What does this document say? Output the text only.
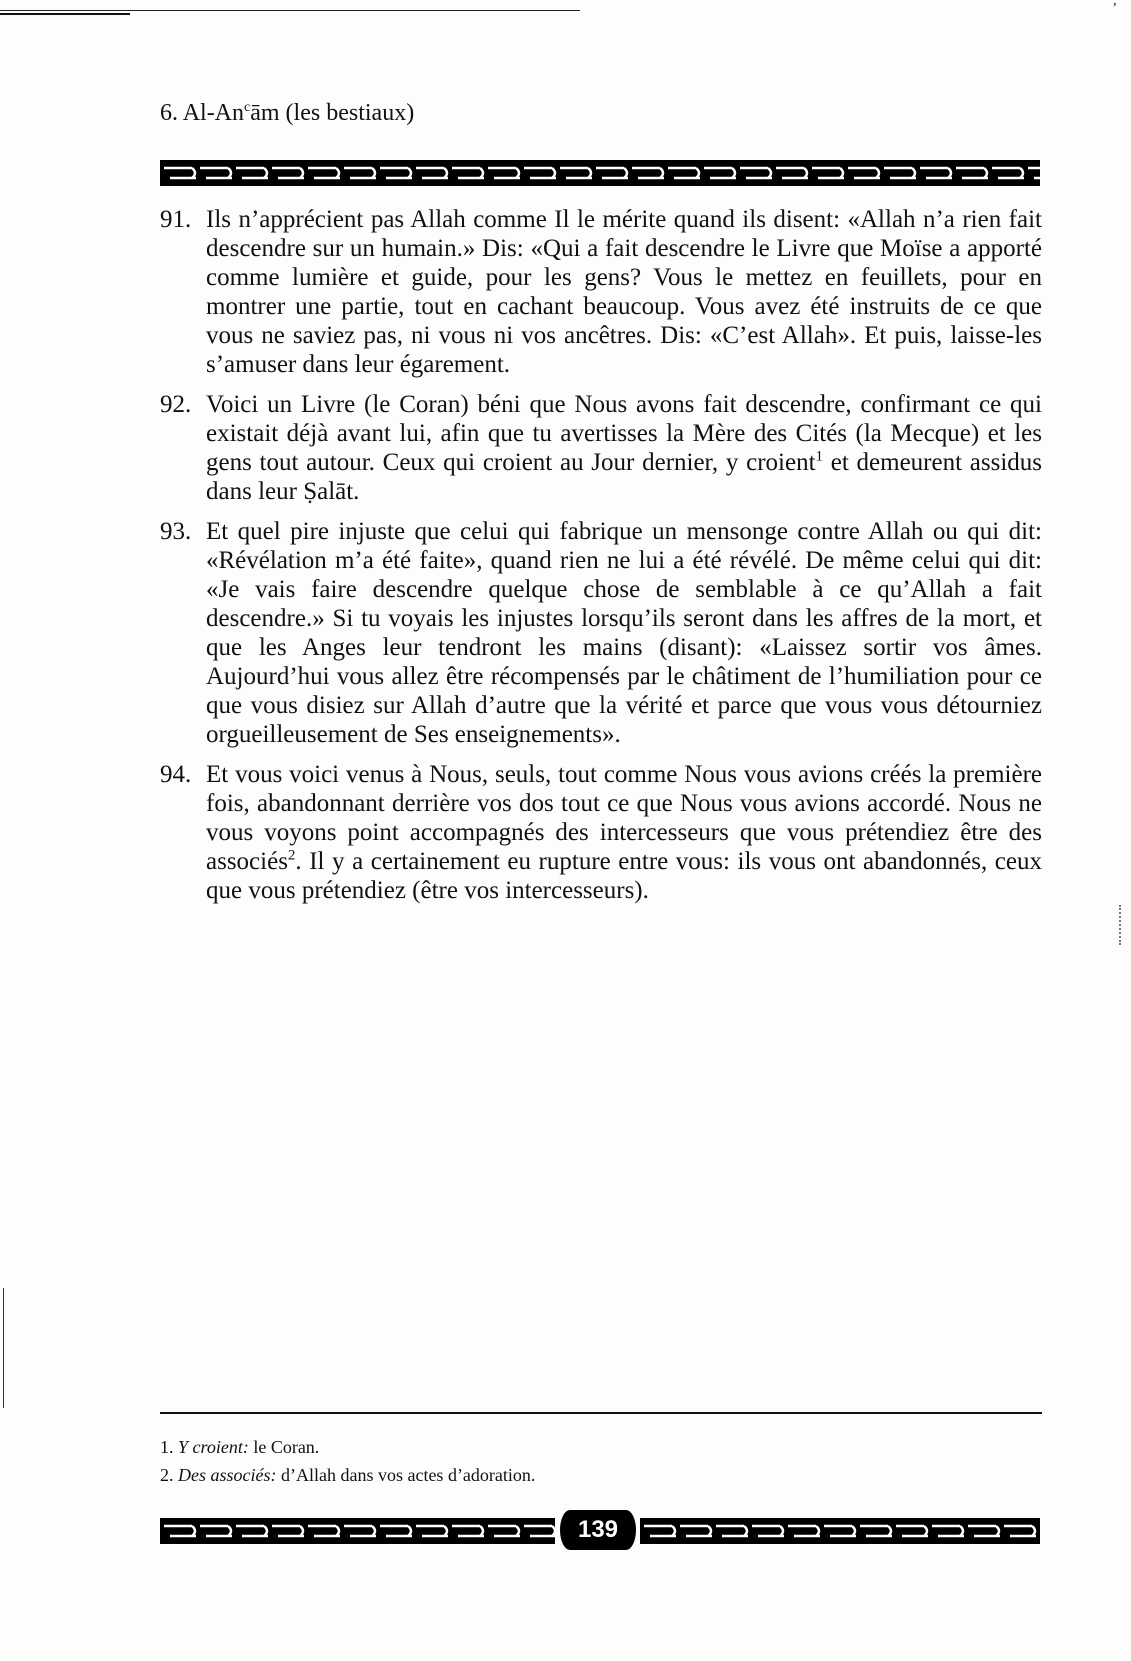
’
6. Al-An$^c$ām (les bestiaux)
91. Ils n’apprécient pas Allah comme Il le mérite quand ils disent: «Allah n’a rien fait descendre sur un humain.» Dis: «Qui a fait descendre le Livre que Moïse a apporté comme lumière et guide, pour les gens? Vous le mettez en feuillets, pour en montrer une partie, tout en cachant beaucoup. Vous avez été instruits de ce que vous ne saviez pas, ni vous ni vos ancêtres. Dis: «C’est Allah». Et puis, laisse-les s’amuser dans leur égarement.
92. Voici un Livre (le Coran) béni que Nous avons fait descendre, confirmant ce qui existait déjà avant lui, afin que tu avertisses la Mère des Cités (la Mecque) et les gens tout autour. Ceux qui croient au Jour dernier, y croient$^1$ et demeurent assidus dans leur Ṣalāt.
93. Et quel pire injuste que celui qui fabrique un mensonge contre Allah ou qui dit: «Révélation m’a été faite», quand rien ne lui a été révélé. De même celui qui dit: «Je vais faire descendre quelque chose de semblable à ce qu’Allah a fait descendre.» Si tu voyais les injustes lorsqu’ils seront dans les affres de la mort, et que les Anges leur tendront les mains (disant): «Laissez sortir vos âmes. Aujourd’hui vous allez être récompensés par le châtiment de l’humiliation pour ce que vous disiez sur Allah d’autre que la vérité et parce que vous vous détourniez orgueilleusement de Ses enseignements».
94. Et vous voici venus à Nous, seuls, tout comme Nous vous avions créés la première fois, abandonnant derrière vos dos tout ce que Nous vous avions accordé. Nous ne vous voyons point accompagnés des intercesseurs que vous prétendiez être des associés$^2$. Il y a certainement eu rupture entre vous: ils vous ont abandonnés, ceux que vous prétendiez (être vos intercesseurs).
1. Y croient: le Coran.
2. Des associés: d’Allah dans vos actes d’adoration.
139
